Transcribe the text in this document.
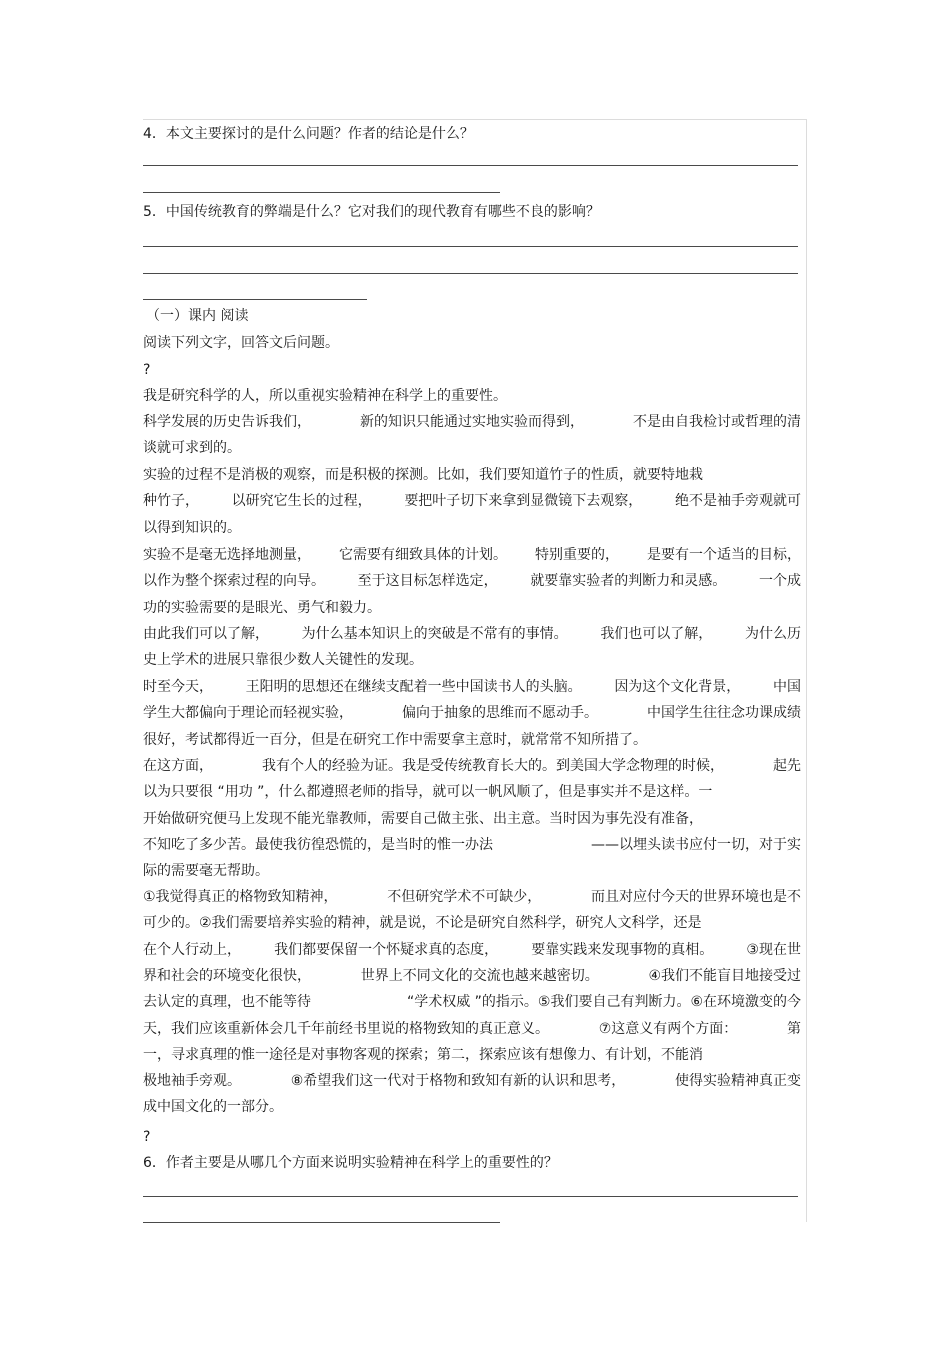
4．本文主要探讨的是什么问题？作者的结论是什么？
5．中国传统教育的弊端是什么？它对我们的现代教育有哪些不良的影响？
（一）课内 阅读
阅读下列文字，回答文后问题。
?
我是研究科学的人，所以重视实验精神在科学上的重要性。
科学发展的历史告诉我们，	新的知识只能通过实地实验而得到，	不是由自我检讨或哲理的清
谈就可求到的。
实验的过程不是消极的观察，而是积极的探测。比如，我们要知道竹子的性质，就要特地栽
种竹子， 以研究它生长的过程， 要把叶子切下来拿到显微镜下去观察， 绝不是袖手旁观就可
以得到知识的。
实验不是毫无选择地测量， 它需要有细致具体的计划。 特别重要的， 是要有一个适当的目标，
以作为整个探索过程的向导。 至于这目标怎样选定， 就要靠实验者的判断力和灵感。 一个成
功的实验需要的是眼光、勇气和毅力。
由此我们可以了解， 为什么基本知识上的突破是不常有的事情。 我们也可以了解， 为什么历
史上学术的进展只靠很少数人关键性的发现。
时至今天， 王阳明的思想还在继续支配着一些中国读书人的头脑。 因为这个文化背景， 中国
学生大都偏向于理论而轻视实验，	偏向于抽象的思维而不愿动手。	中国学生往往念功课成绩
很好，考试都得近一百分，但是在研究工作中需要拿主意时，就常常不知所措了。
在这方面，	我有个人的经验为证。我是受传统教育长大的。到美国大学念物理的时候，	起先
以为只要很 “用功 ”，什么都遵照老师的指导，就可以一帆风顺了，但是事实并不是这样。一
开始做研究便马上发现不能光靠教师，需要自己做主张、出主意。当时因为事先没有准备，
不知吃了多少苦。最使我彷徨恐慌的，是当时的惟一办法	——以埋头读书应付一切，对于实
际的需要毫无帮助。
①我觉得真正的格物致知精神，	不但研究学术不可缺少，	而且对应付今天的世界环境也是不
可少的。②我们需要培养实验的精神，就是说，不论是研究自然科学，研究人文科学，还是
在个人行动上， 我们都要保留一个怀疑求真的态度， 要靠实践来发现事物的真相。 ③现在世
界和社会的环境变化很快，	世界上不同文化的交流也越来越密切。	④我们不能盲目地接受过
去认定的真理，也不能等待	“学术权威 ”的指示。⑤我们要自己有判断力。⑥在环境激变的今
天，我们应该重新体会几千年前经书里说的格物致知的真正意义。	⑦这意义有两个方面：	第
一，寻求真理的惟一途径是对事物客观的探索；第二，探索应该有想像力、有计划，不能消
极地袖手旁观。	⑧希望我们这一代对于格物和致知有新的认识和思考，	使得实验精神真正变
成中国文化的一部分。
?
6．作者主要是从哪几个方面来说明实验精神在科学上的重要性的？
